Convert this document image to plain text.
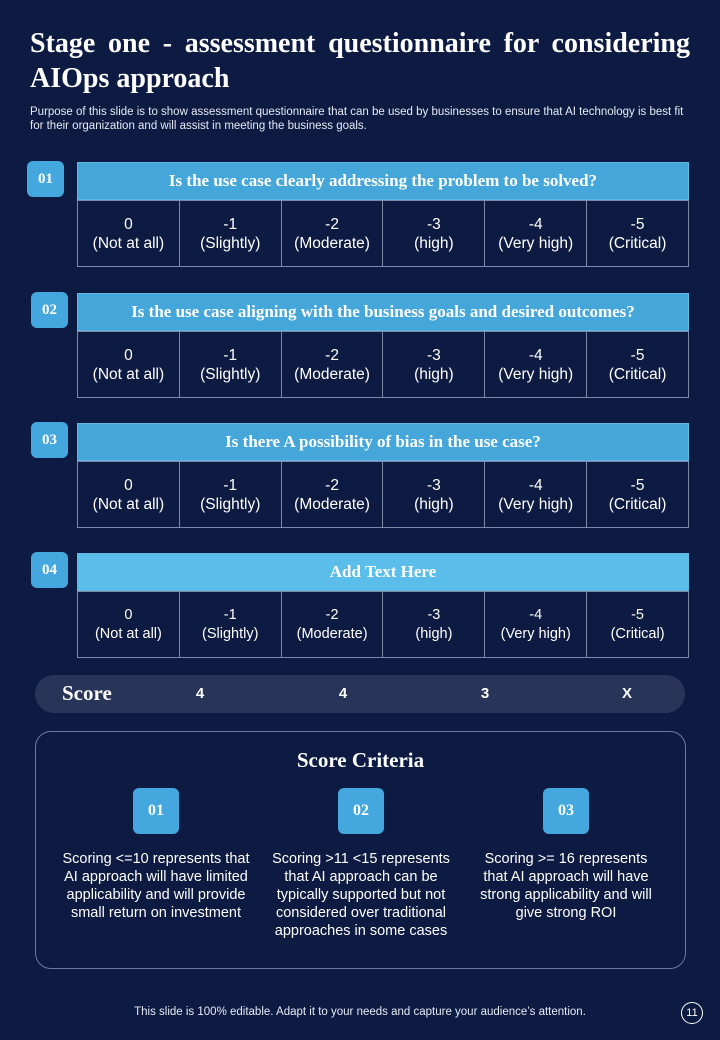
Stage one - assessment questionnaire for considering
AIOps approach
Purpose of this slide is to show assessment questionnaire that can be used by businesses to ensure that AI technology is best fit for their organization and will assist in meeting the business goals.
01	Is the use case clearly addressing the problem to be solved?
0
(Not at all)
-1
(Slightly)
-2
(Moderate)
-3
(high)
-4
(Very high)
-5
(Critical)
02	Is the use case aligning with the business goals and desired outcomes?
0
(Not at all)
-1
(Slightly)
-2
(Moderate)
-3
(high)
-4
(Very high)
-5
(Critical)
03	Is there A possibility of bias in the use case?
0
(Not at all)
-1
(Slightly)
-2
(Moderate)
-3
(high)
-4
(Very high)
-5
(Critical)
04	Add Text Here
0
(Not at all)
-1
(Slightly)
-2
(Moderate)
-3
(high)
-4
(Very high)
-5
(Critical)
Score	4	4	3	X
Score Criteria
01	02	03
Scoring <=10 represents that AI approach will have limited applicability and will provide small return on investment
Scoring >11 <15 represents that AI approach can be typically supported but not considered over traditional approaches in some cases
Scoring >= 16 represents that AI approach will have strong applicability and will give strong ROI
This slide is 100% editable. Adapt it to your needs and capture your audience’s attention.	11
